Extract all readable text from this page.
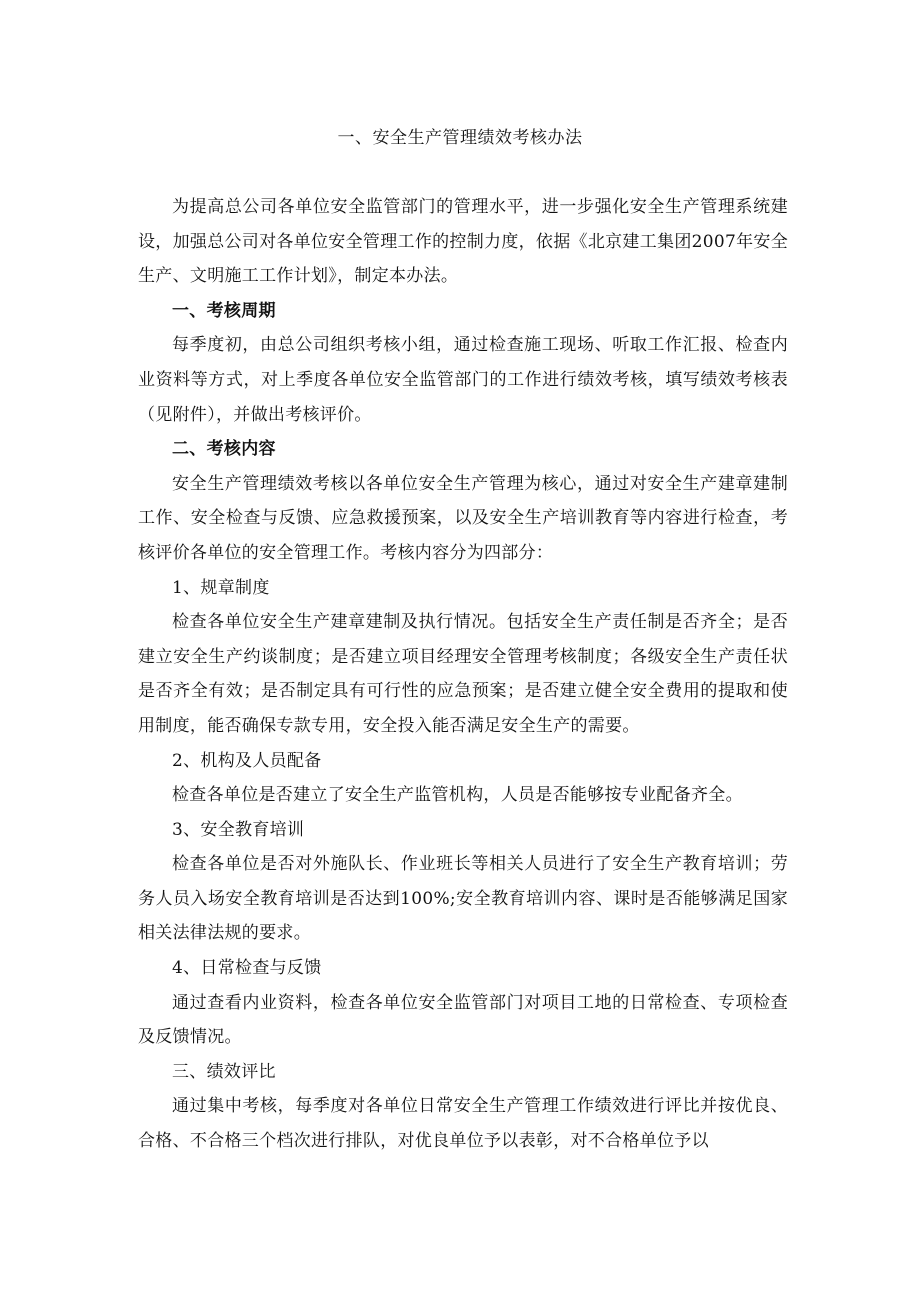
一、安全生产管理绩效考核办法

为提高总公司各单位安全监管部门的管理水平，进一步强化安全生产管理系统建设，加强总公司对各单位安全管理工作的控制力度，依据《北京建工集团2007年安全生产、文明施工工作计划》，制定本办法。

一、考核周期

每季度初，由总公司组织考核小组，通过检查施工现场、听取工作汇报、检查内业资料等方式，对上季度各单位安全监管部门的工作进行绩效考核，填写绩效考核表（见附件），并做出考核评价。

二、考核内容

安全生产管理绩效考核以各单位安全生产管理为核心，通过对安全生产建章建制工作、安全检查与反馈、应急救援预案，以及安全生产培训教育等内容进行检查，考核评价各单位的安全管理工作。考核内容分为四部分：

1、规章制度

检查各单位安全生产建章建制及执行情况。包括安全生产责任制是否齐全；是否建立安全生产约谈制度；是否建立项目经理安全管理考核制度；各级安全生产责任状是否齐全有效；是否制定具有可行性的应急预案；是否建立健全安全费用的提取和使用制度，能否确保专款专用，安全投入能否满足安全生产的需要。

2、机构及人员配备

检查各单位是否建立了安全生产监管机构，人员是否能够按专业配备齐全。

3、安全教育培训

检查各单位是否对外施队长、作业班长等相关人员进行了安全生产教育培训；劳务人员入场安全教育培训是否达到100%;安全教育培训内容、课时是否能够满足国家相关法律法规的要求。

4、日常检查与反馈

通过查看内业资料，检查各单位安全监管部门对项目工地的日常检查、专项检查及反馈情况。

三、绩效评比

通过集中考核，每季度对各单位日常安全生产管理工作绩效进行评比并按优良、合格、不合格三个档次进行排队，对优良单位予以表彰，对不合格单位予以
